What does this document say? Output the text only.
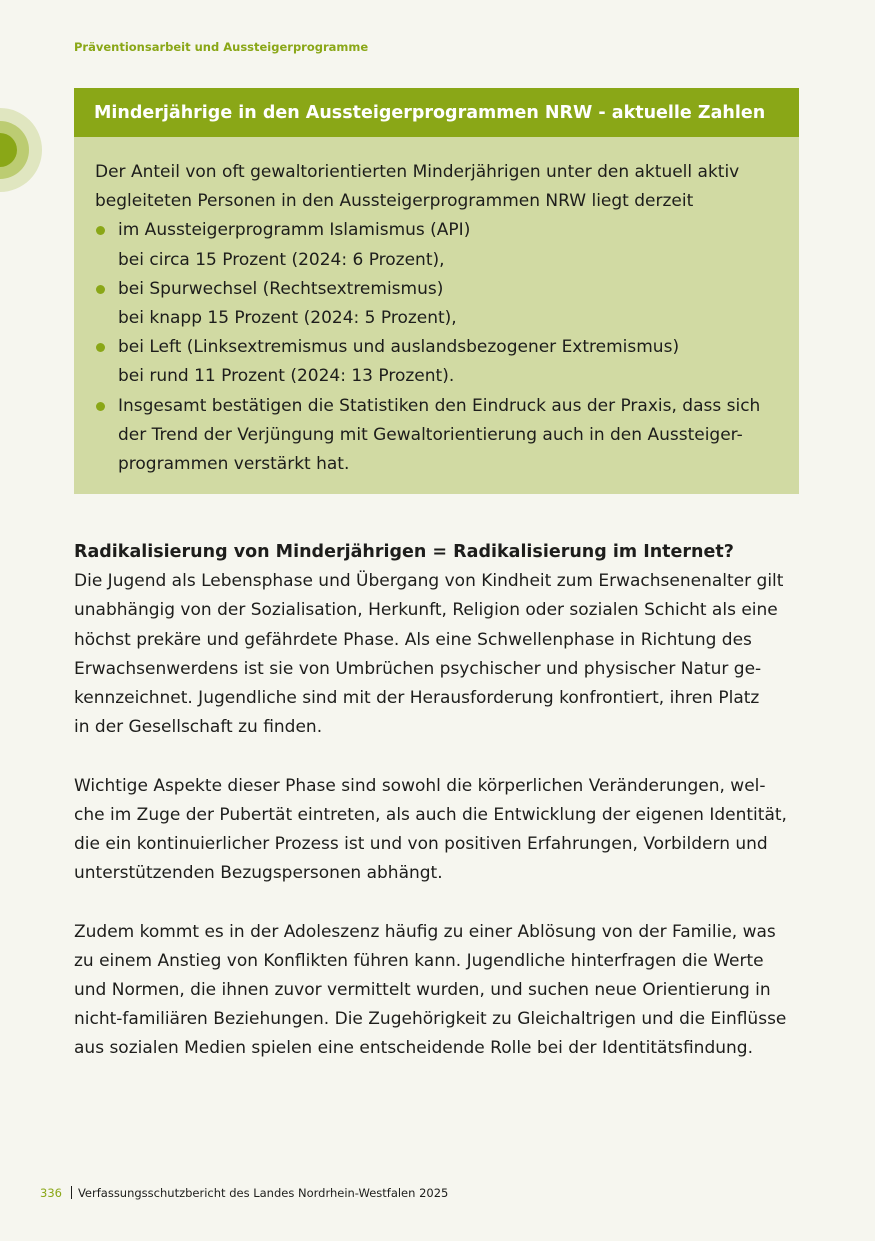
Präventionsarbeit und Aussteigerprogramme
Minderjährige in den Aussteigerprogrammen NRW - aktuelle Zahlen

Der Anteil von oft gewaltorientierten Minderjährigen unter den aktuell aktiv
begleiteten Personen in den Aussteigerprogrammen NRW liegt derzeit

im Aussteigerprogramm Islamismus (API)
bei circa 15 Prozent (2024: 6 Prozent),
bei Spurwechsel (Rechtsextremismus)
bei knapp 15 Prozent (2024: 5 Prozent),
bei Left (Linksextremismus und auslandsbezogener Extremismus)
bei rund 11 Prozent (2024: 13 Prozent).
Insgesamt bestätigen die Statistiken den Eindruck aus der Praxis, dass sich
der Trend der Verjüngung mit Gewaltorientierung auch in den Aussteiger-
programmen verstärkt hat.
Radikalisierung von Minderjährigen = Radikalisierung im Internet?

Die Jugend als Lebensphase und Übergang von Kindheit zum Erwachsenenalter gilt
unabhängig von der Sozialisation, Herkunft, Religion oder sozialen Schicht als eine
höchst prekäre und gefährdete Phase. Als eine Schwellenphase in Richtung des
Erwachsenwerdens ist sie von Umbrüchen psychischer und physischer Natur ge-
kennzeichnet. Jugendliche sind mit der Herausforderung konfrontiert, ihren Platz
in der Gesellschaft zu finden.

Wichtige Aspekte dieser Phase sind sowohl die körperlichen Veränderungen, wel-
che im Zuge der Pubertät eintreten, als auch die Entwicklung der eigenen Identität,
die ein kontinuierlicher Prozess ist und von positiven Erfahrungen, Vorbildern und
unterstützenden Bezugspersonen abhängt.

Zudem kommt es in der Adoleszenz häufig zu einer Ablösung von der Familie, was
zu einem Anstieg von Konflikten führen kann. Jugendliche hinterfragen die Werte
und Normen, die ihnen zuvor vermittelt wurden, und suchen neue Orientierung in
nicht-familiären Beziehungen. Die Zugehörigkeit zu Gleichaltrigen und die Einflüsse
aus sozialen Medien spielen eine entscheidende Rolle bei der Identitätsfindung.

336 Verfassungsschutzbericht des Landes Nordrhein-Westfalen 2025
